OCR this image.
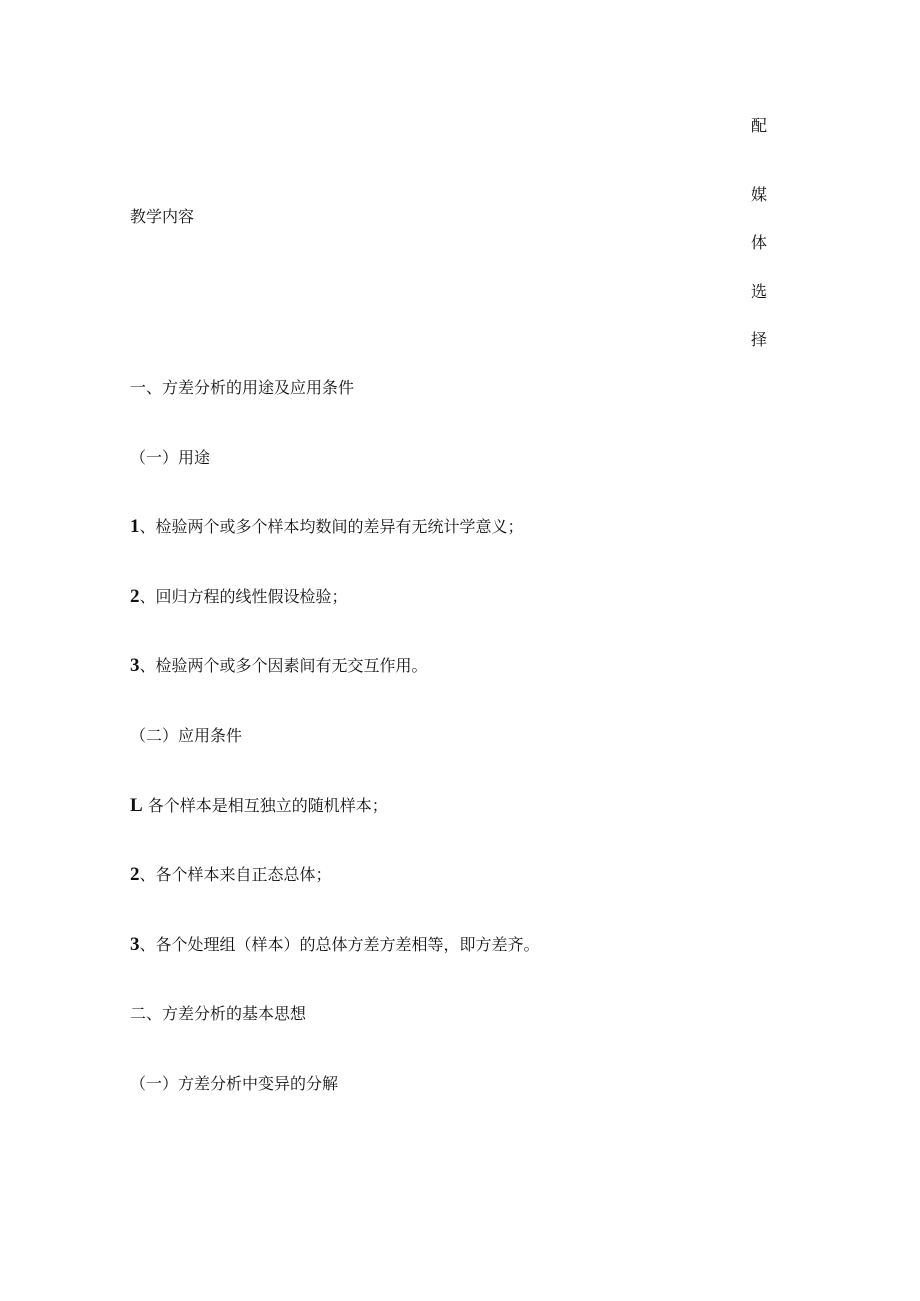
配
媒
体
选
择
教学内容
一、方差分析的用途及应用条件
（一）用途
1、检验两个或多个样本均数间的差异有无统计学意义；
2、回归方程的线性假设检验；
3、检验两个或多个因素间有无交互作用。
（二）应用条件
L 各个样本是相互独立的随机样本；
2、各个样本来自正态总体；
3、各个处理组（样本）的总体方差方差相等，即方差齐。
二、方差分析的基本思想
（一）方差分析中变异的分解
